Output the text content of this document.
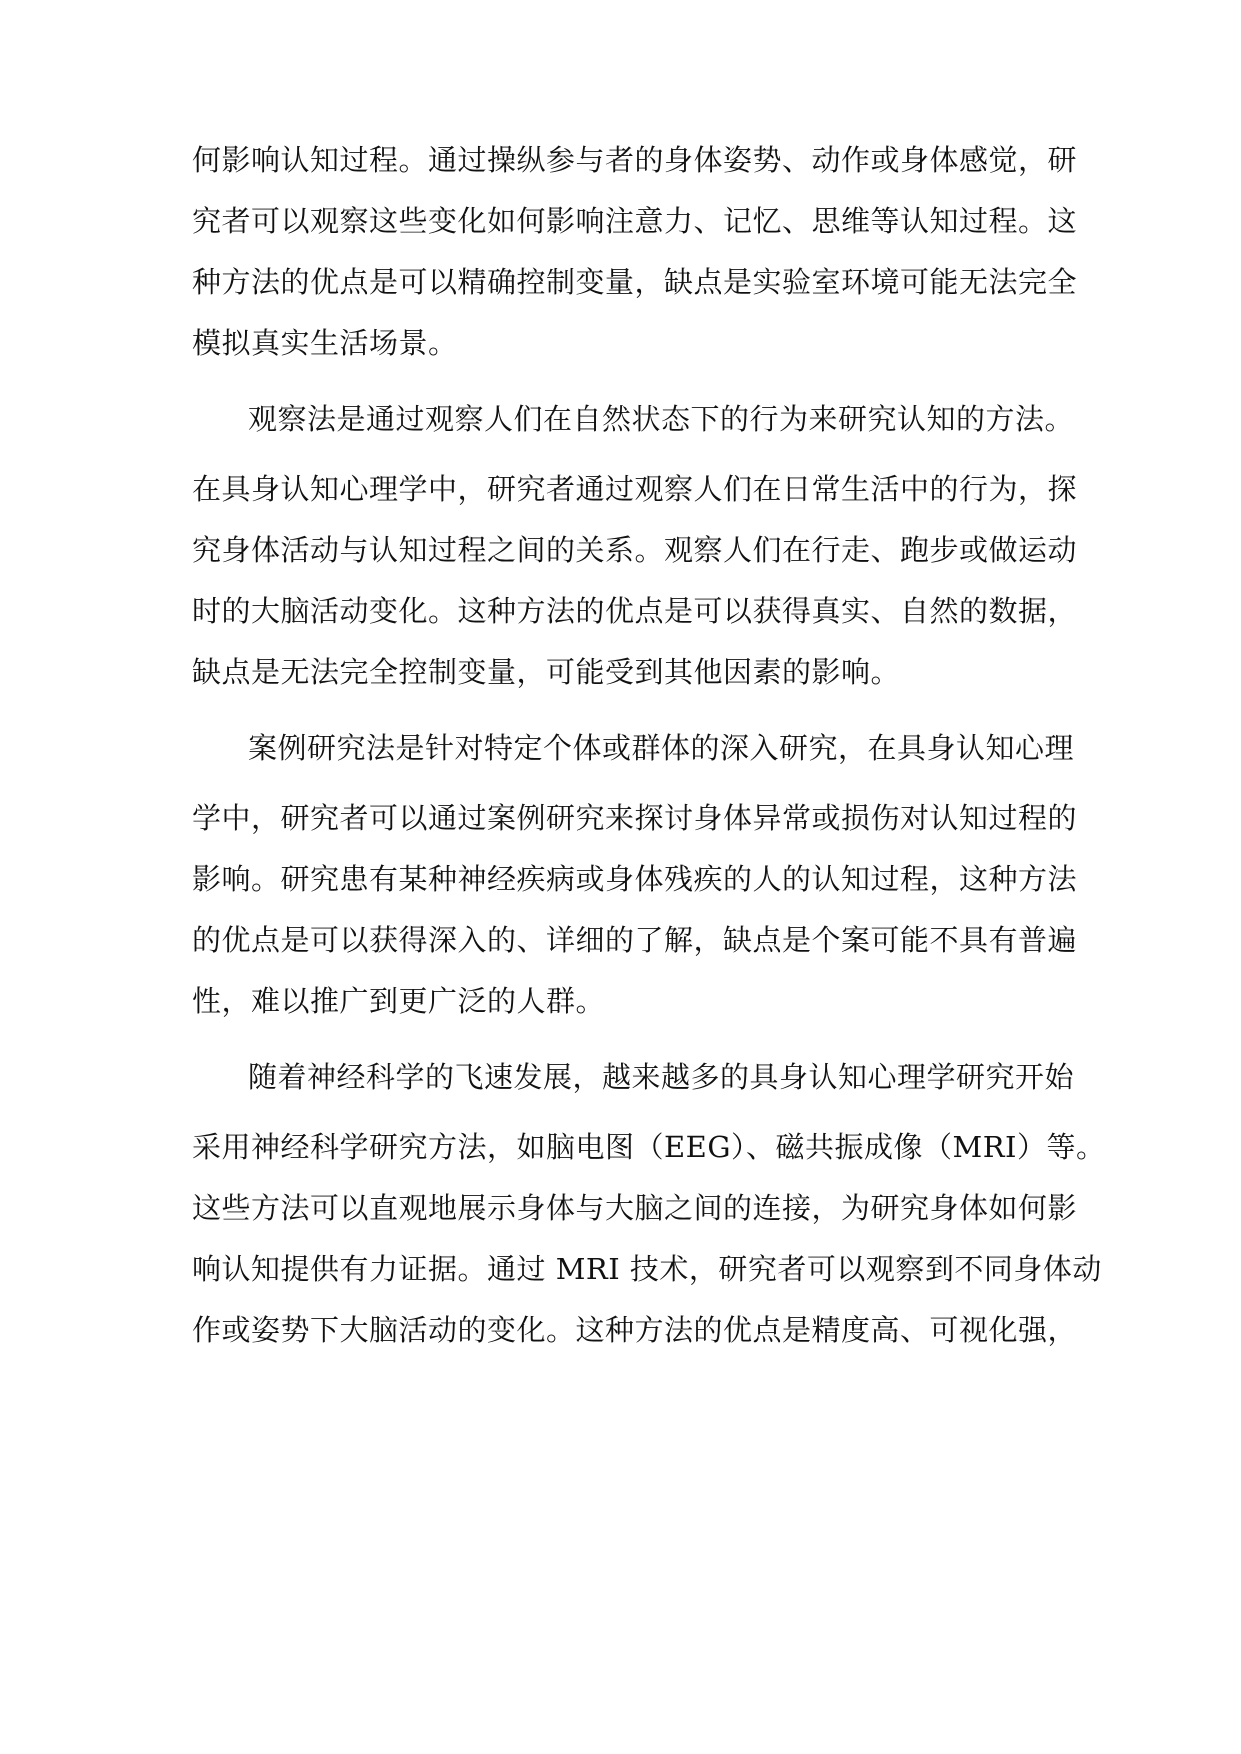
何影响认知过程。通过操纵参与者的身体姿势、动作或身体感觉，研

究者可以观察这些变化如何影响注意力、记忆、思维等认知过程。这

种方法的优点是可以精确控制变量，缺点是实验室环境可能无法完全

模拟真实生活场景。

观察法是通过观察人们在自然状态下的行为来研究认知的方法。

在具身认知心理学中，研究者通过观察人们在日常生活中的行为，探

究身体活动与认知过程之间的关系。观察人们在行走、跑步或做运动

时的大脑活动变化。这种方法的优点是可以获得真实、自然的数据，

缺点是无法完全控制变量，可能受到其他因素的影响。

案例研究法是针对特定个体或群体的深入研究，在具身认知心理

学中，研究者可以通过案例研究来探讨身体异常或损伤对认知过程的

影响。研究患有某种神经疾病或身体残疾的人的认知过程，这种方法

的优点是可以获得深入的、详细的了解，缺点是个案可能不具有普遍

性，难以推广到更广泛的人群。

随着神经科学的飞速发展，越来越多的具身认知心理学研究开始

采用神经科学研究方法，如脑电图（EEG）、磁共振成像（MRI）等。

这些方法可以直观地展示身体与大脑之间的连接，为研究身体如何影

响认知提供有力证据。通过 MRI 技术，研究者可以观察到不同身体动

作或姿势下大脑活动的变化。这种方法的优点是精度高、可视化强，
